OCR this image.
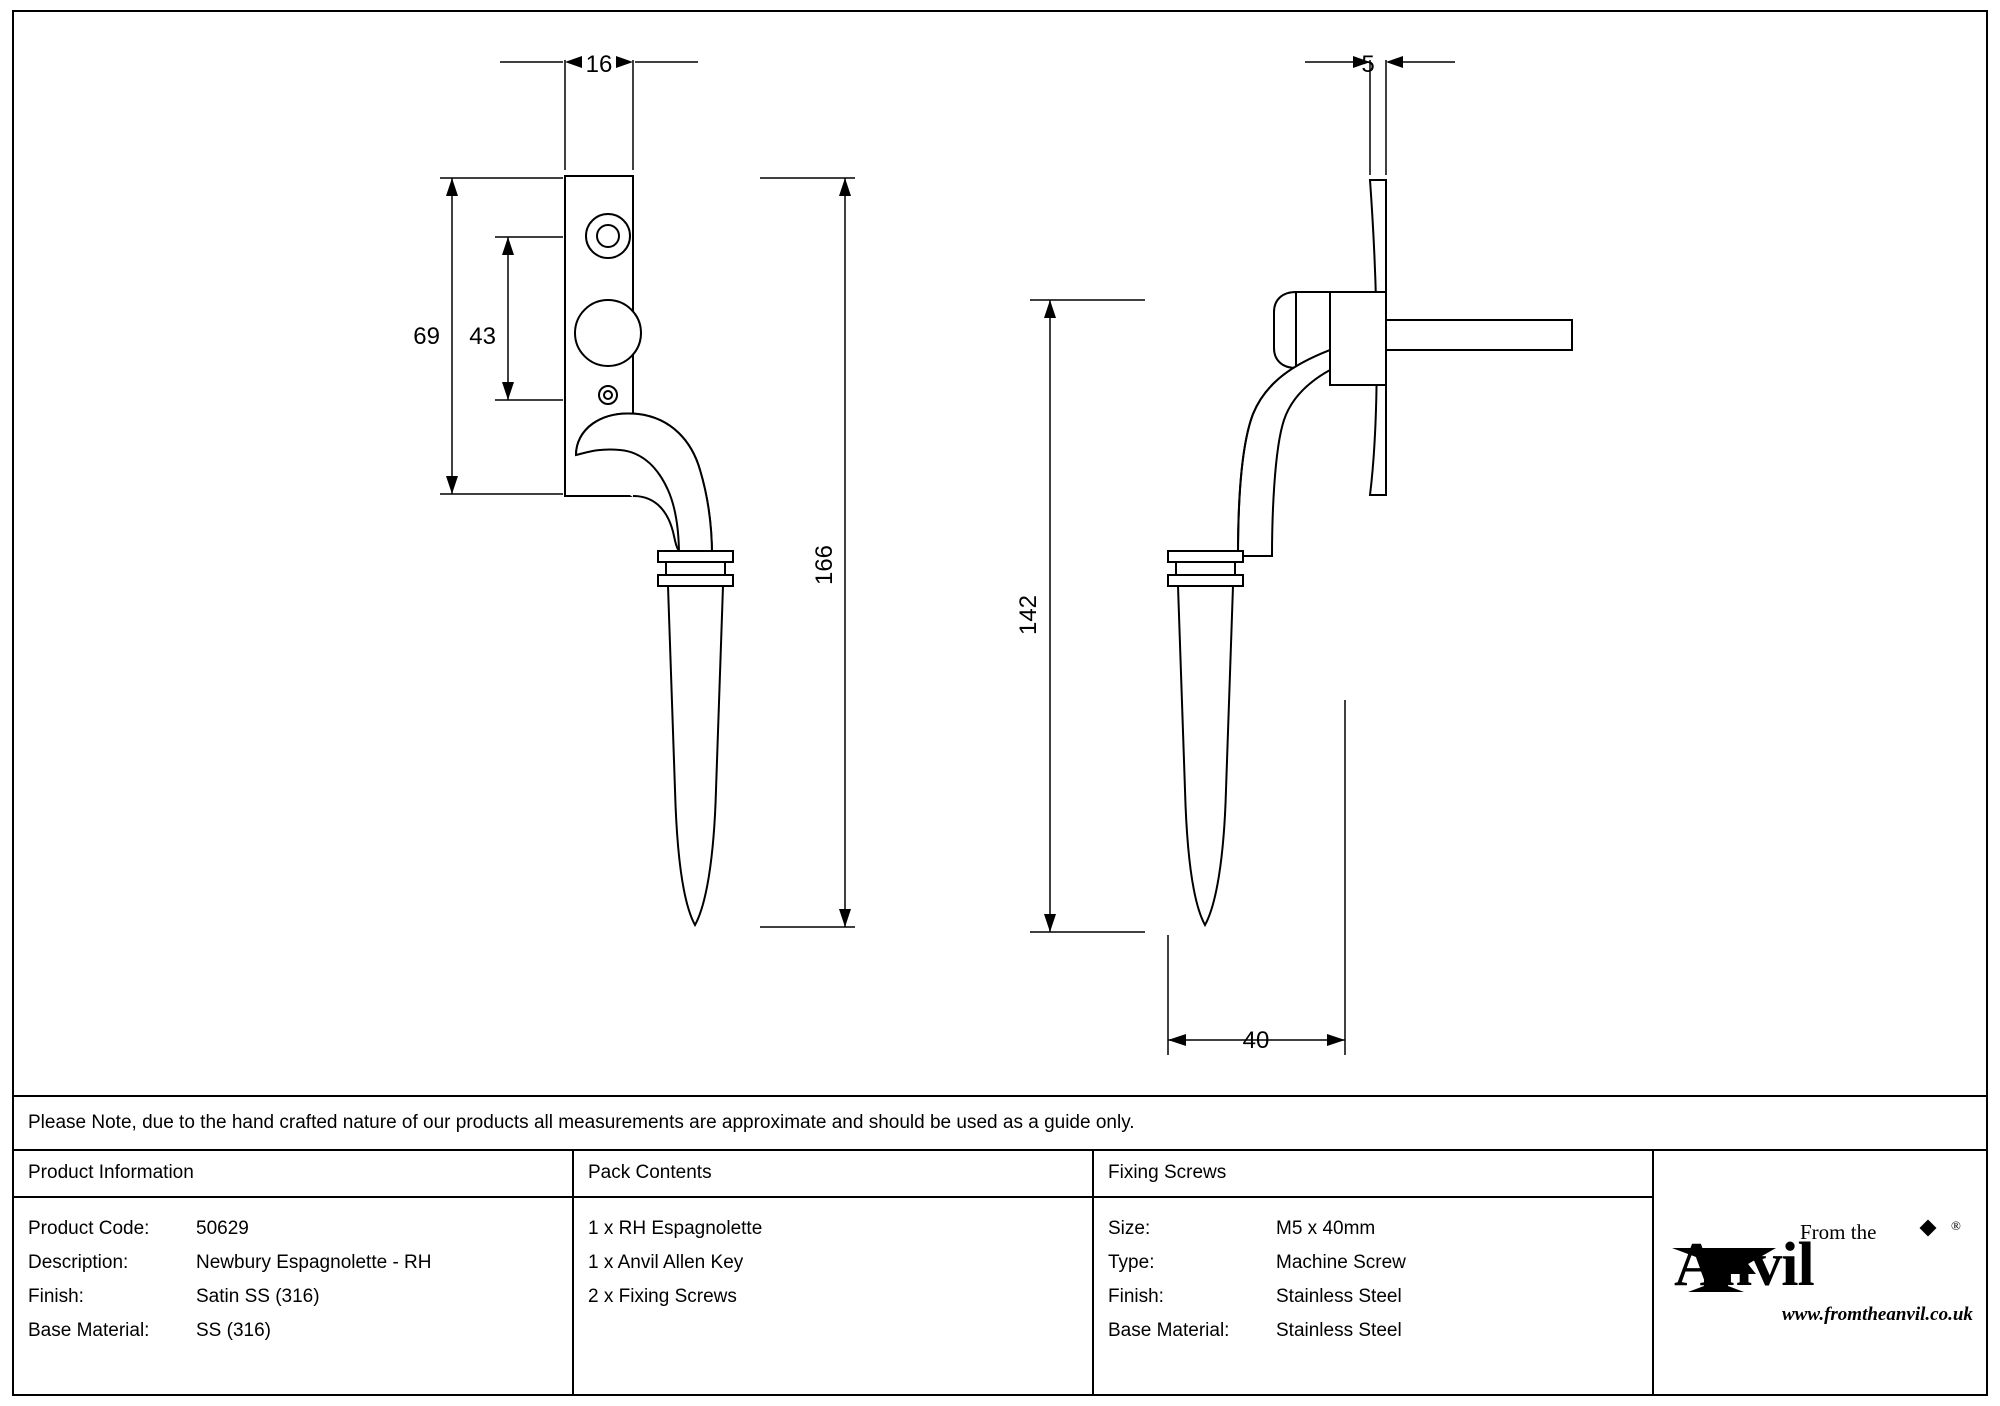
16
69 43
166
5
142
40
Please Note, due to the hand crafted nature of our products all measurements are approximate and should be used as a guide only.
Product Information
Product Code:	50629
Description:	Newbury Espagnolette - RH
Finish:	Satin SS (316)
Base Material:	SS (316)
Pack Contents
1 x RH Espagnolette
1 x Anvil Allen Key
2 x Fixing Screws
Fixing Screws
Size:	M5 x 40mm
Type:	Machine Screw
Finish:	Stainless Steel
Base Material:	Stainless Steel
From the	®
Anvil
www.fromtheanvil.co.uk
